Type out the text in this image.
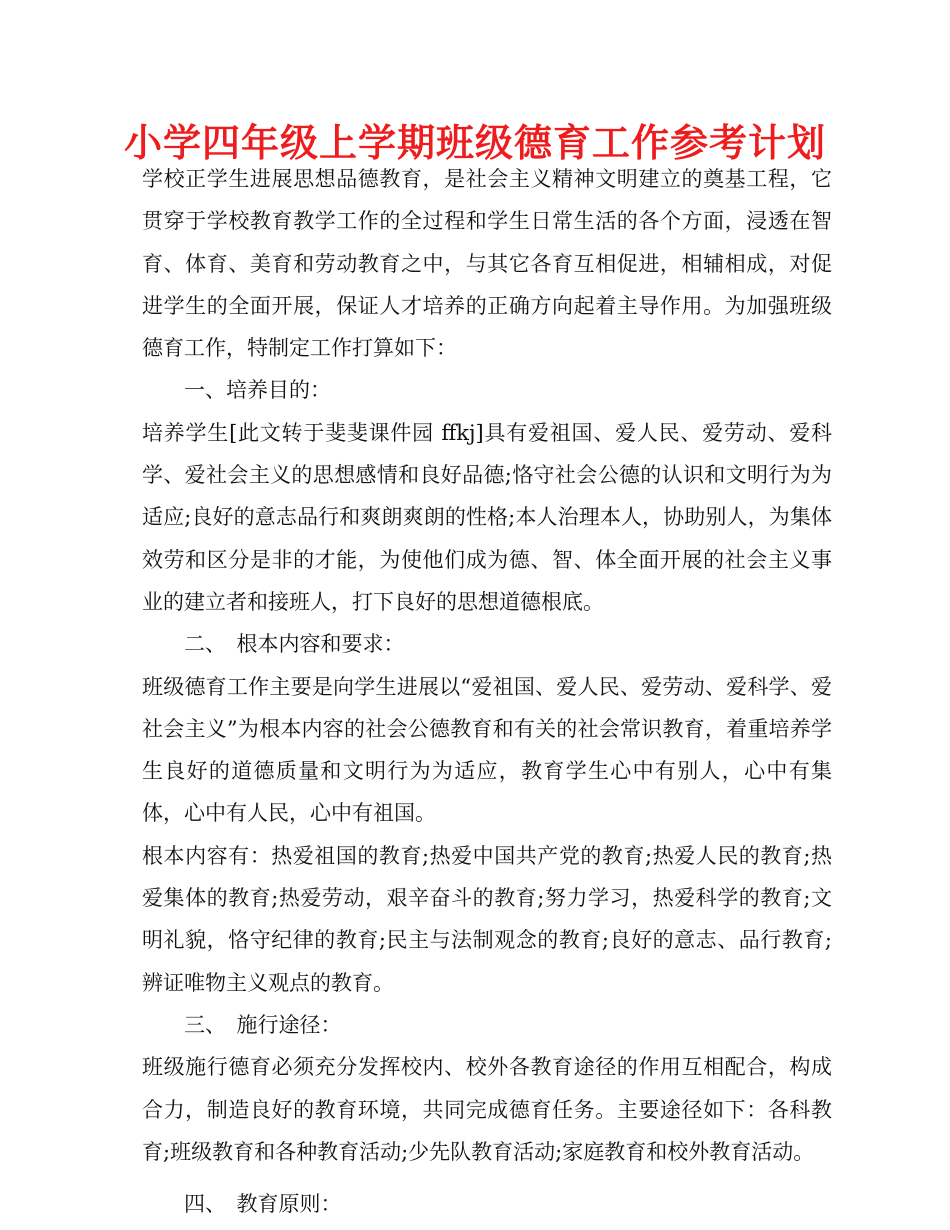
小学四年级上学期班级德育工作参考计划

学校正学生进展思想品德教育，是社会主义精神文明建立的奠基工程，它贯穿于学校教育教学工作的全过程和学生日常生活的各个方面，浸透在智育、体育、美育和劳动教育之中，与其它各育互相促进，相辅相成，对促进学生的全面开展，保证人才培养的正确方向起着主导作用。为加强班级德育工作，特制定工作打算如下：

一、培养目的：

培养学生[此文转于斐斐课件园 ffkj]具有爱祖国、爱人民、爱劳动、爱科学、爱社会主义的思想感情和良好品德;恪守社会公德的认识和文明行为为适应;良好的意志品行和爽朗爽朗的性格;本人治理本人，协助别人，为集体效劳和区分是非的才能，为使他们成为德、智、体全面开展的社会主义事业的建立者和接班人，打下良好的思想道德根底。

二、　根本内容和要求：

班级德育工作主要是向学生进展以“爱祖国、爱人民、爱劳动、爱科学、爱社会主义”为根本内容的社会公德教育和有关的社会常识教育，着重培养学生良好的道德质量和文明行为为适应，教育学生心中有别人，心中有集体，心中有人民，心中有祖国。

根本内容有：热爱祖国的教育;热爱中国共产党的教育;热爱人民的教育;热爱集体的教育;热爱劳动，艰辛奋斗的教育;努力学习，热爱科学的教育;文明礼貌，恪守纪律的教育;民主与法制观念的教育;良好的意志、品行教育;辨证唯物主义观点的教育。

三、　施行途径：

班级施行德育必须充分发挥校内、校外各教育途径的作用互相配合，构成合力，制造良好的教育环境，共同完成德育任务。主要途径如下：各科教育;班级教育和各种教育活动;少先队教育活动;家庭教育和校外教育活动。

四、　教育原则：
